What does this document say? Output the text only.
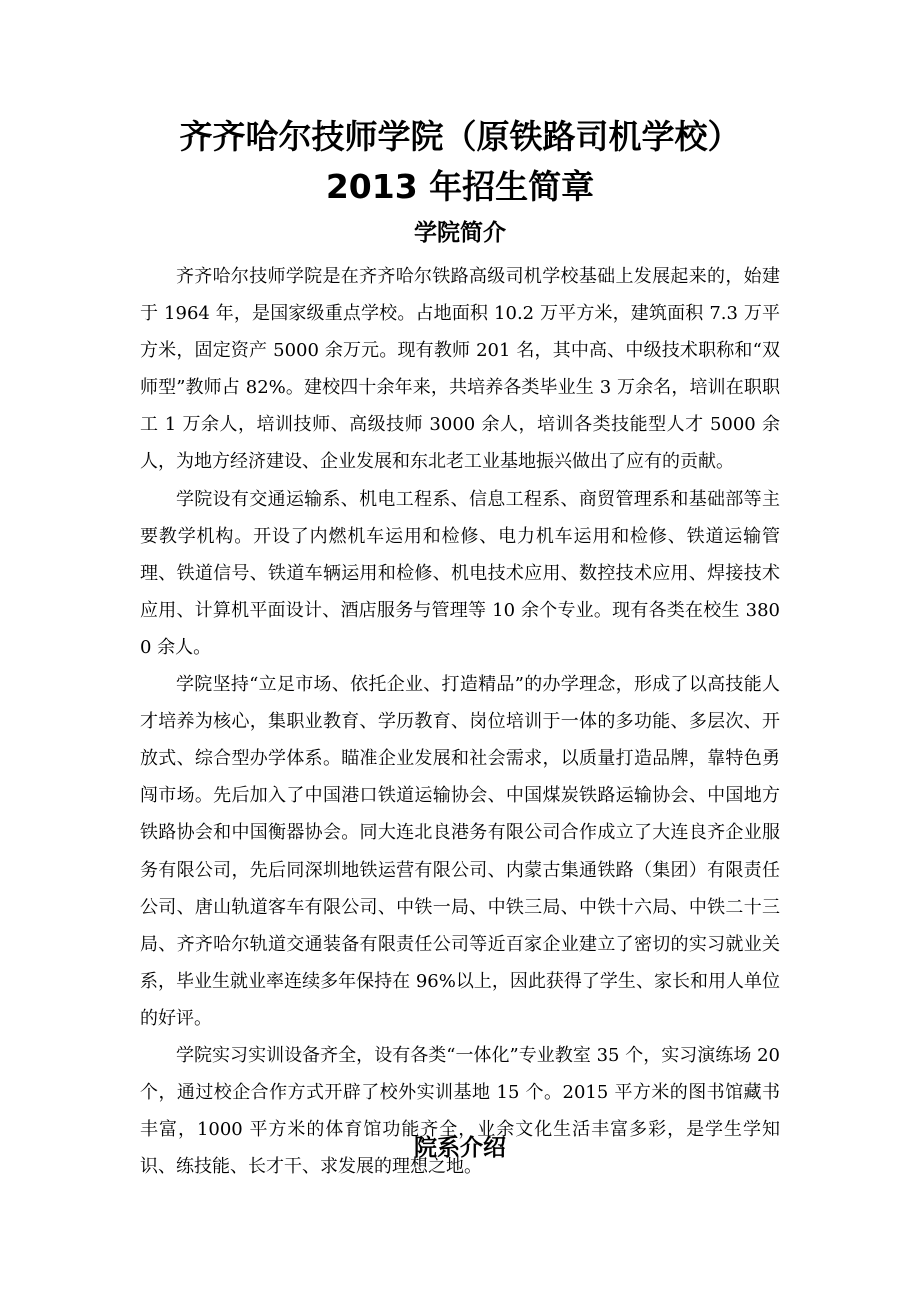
齐齐哈尔技师学院（原铁路司机学校）
2013 年招生简章
学院简介

齐齐哈尔技师学院是在齐齐哈尔铁路高级司机学校基础上发展起来的，始建于 1964 年，是国家级重点学校。占地面积 10.2 万平方米，建筑面积 7.3 万平方米，固定资产 5000 余万元。现有教师 201 名，其中高、中级技术职称和“双师型”教师占 82%。建校四十余年来，共培养各类毕业生 3 万余名，培训在职职工 1 万余人，培训技师、高级技师 3000 余人，培训各类技能型人才 5000 余人，为地方经济建设、企业发展和东北老工业基地振兴做出了应有的贡献。

学院设有交通运输系、机电工程系、信息工程系、商贸管理系和基础部等主要教学机构。开设了内燃机车运用和检修、电力机车运用和检修、铁道运输管理、铁道信号、铁道车辆运用和检修、机电技术应用、数控技术应用、焊接技术应用、计算机平面设计、酒店服务与管理等 10 余个专业。现有各类在校生 3800 余人。

学院坚持“立足市场、依托企业、打造精品”的办学理念，形成了以高技能人才培养为核心，集职业教育、学历教育、岗位培训于一体的多功能、多层次、开放式、综合型办学体系。瞄准企业发展和社会需求，以质量打造品牌，靠特色勇闯市场。先后加入了中国港口铁道运输协会、中国煤炭铁路运输协会、中国地方铁路协会和中国衡器协会。同大连北良港务有限公司合作成立了大连良齐企业服务有限公司，先后同深圳地铁运营有限公司、内蒙古集通铁路（集团）有限责任公司、唐山轨道客车有限公司、中铁一局、中铁三局、中铁十六局、中铁二十三局、齐齐哈尔轨道交通装备有限责任公司等近百家企业建立了密切的实习就业关系，毕业生就业率连续多年保持在 96%以上，因此获得了学生、家长和用人单位的好评。

学院实习实训设备齐全，设有各类“一体化”专业教室 35 个，实习演练场 20 个，通过校企合作方式开辟了校外实训基地 15 个。2015 平方米的图书馆藏书丰富，1000 平方米的体育馆功能齐全，业余文化生活丰富多彩，是学生学知识、练技能、长才干、求发展的理想之地。

院系介绍
